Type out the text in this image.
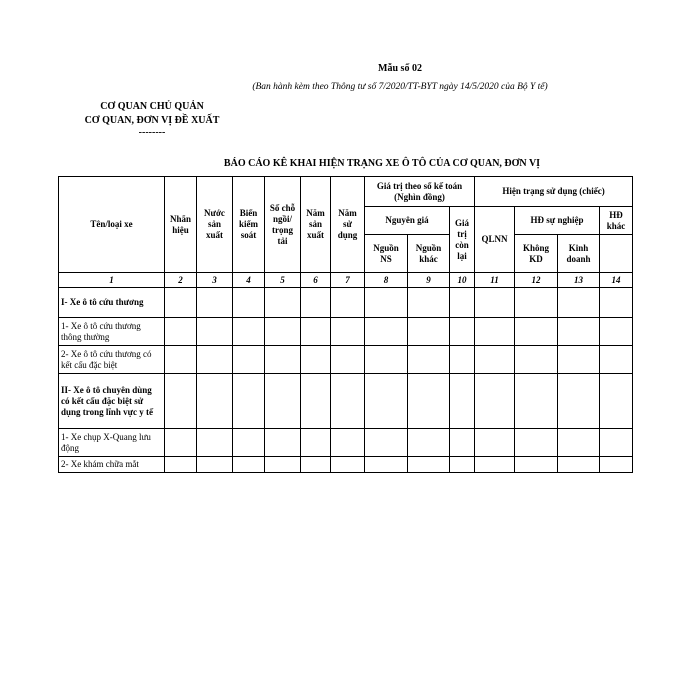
Mẫu số 02
(Ban hành kèm theo Thông tư số 7/2020/TT-BYT ngày 14/5/2020 của Bộ Y tế)
CƠ QUAN CHỦ QUẢN
CƠ QUAN, ĐƠN VỊ ĐỀ XUẤT
--------
BÁO CÁO KÊ KHAI HIỆN TRẠNG XE Ô TÔ CỦA CƠ QUAN, ĐƠN VỊ
Tên/loại xe	Nhãn hiệu	Nước sản xuất	Biển kiểm soát	Số chỗ ngồi/ trọng tải	Năm sản xuất	Năm sử dụng	Giá trị theo sổ kế toán (Nghìn đồng)			Hiện trạng sử dụng (chiếc)			
							Nguyên giá		Giá trị còn lại	QLNN	HĐ sự nghiệp		HĐ khác
							Nguồn NS	Nguồn khác			Không KD	Kinh doanh	
1	2	3	4	5	6	7	8	9	10	11	12	13	14
I- Xe ô tô cứu thương													
1- Xe ô tô cứu thương thông thường													
2- Xe ô tô cứu thương có kết cấu đặc biệt													
II- Xe ô tô chuyên dùng có kết cấu đặc biệt sử dụng trong lĩnh vực y tế													
1- Xe chụp X-Quang lưu động													
2- Xe khám chữa mắt													
